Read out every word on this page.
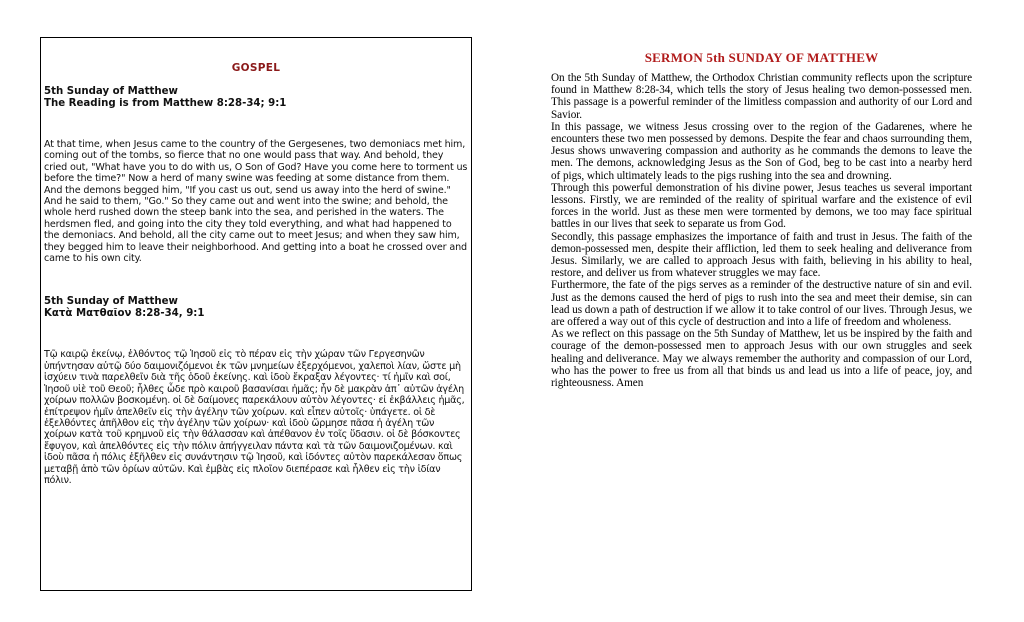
GOSPEL

5th Sunday of Matthew

The Reading is from Matthew 8:28-34; 9:1

At that time, when Jesus came to the country of the Gergesenes, two demoniacs met him, coming out of the tombs, so fierce that no one would pass that way. And behold, they cried out, "What have you to do with us, O Son of God? Have you come here to torment us before the time?" Now a herd of many swine was feeding at some distance from them. And the demons begged him, "If you cast us out, send us away into the herd of swine." And he said to them, "Go." So they came out and went into the swine; and behold, the whole herd rushed down the steep bank into the sea, and perished in the waters. The herdsmen fled, and going into the city they told everything, and what had happened to the demoniacs. And behold, all the city came out to meet Jesus; and when they saw him, they begged him to leave their neighborhood. And getting into a boat he crossed over and came to his own city.

5th Sunday of Matthew

Κατὰ Ματθαῖον 8:28-34, 9:1

Τῷ καιρῷ ἐκείνῳ, ἐλθόντος τῷ Ἰησοῦ εἰς τὸ πέραν εἰς τὴν χώραν τῶν Γεργεσηνῶν ὑπήντησαν αὐτῷ δύο δαιμονιζόμενοι ἐκ τῶν μνημείων ἐξερχόμενοι, χαλεποὶ λίαν, ὥστε μὴ ἰσχύειν τινὰ παρελθεῖν διὰ τῆς ὁδοῦ ἐκείνης. καὶ ἰδοὺ ἔκραξαν λέγοντες· τί ἡμῖν καὶ σοί, Ἰησοῦ υἱὲ τοῦ Θεοῦ; ἦλθες ὧδε πρὸ καιροῦ βασανίσαι ἡμᾶς; ἦν δὲ μακρὰν ἀπ᾿ αὐτῶν ἀγέλη χοίρων πολλῶν βοσκομένη. οἱ δὲ δαίμονες παρεκάλουν αὐτὸν λέγοντες· εἰ ἐκβάλλεις ἡμᾶς, ἐπίτρεψον ἡμῖν ἀπελθεῖν εἰς τὴν ἀγέλην τῶν χοίρων. καὶ εἶπεν αὐτοῖς· ὑπάγετε. οἱ δὲ ἐξελθόντες ἀπῆλθον εἰς τὴν ἀγέλην τῶν χοίρων· καὶ ἰδοὺ ὥρμησε πᾶσα ἡ ἀγέλη τῶν χοίρων κατὰ τοῦ κρημνοῦ εἰς τὴν θάλασσαν καὶ ἀπέθανον ἐν τοῖς ὕδασιν. οἱ δὲ βόσκοντες ἔφυγον, καὶ ἀπελθόντες εἰς τὴν πόλιν ἀπήγγειλαν πάντα καὶ τὰ τῶν δαιμονιζομένων. καὶ ἰδοὺ πᾶσα ἡ πόλις ἐξῆλθεν εἰς συνάντησιν τῷ Ἰησοῦ, καὶ ἰδόντες αὐτὸν παρεκάλεσαν ὅπως μεταβῇ ἀπὸ τῶν ὁρίων αὐτῶν. Καὶ ἐμβὰς εἰς πλοῖον διεπέρασε καὶ ἦλθεν εἰς τὴν ἰδίαν πόλιν.

SERMON 5th SUNDAY OF MATTHEW

On the 5th Sunday of Matthew, the Orthodox Christian community reflects upon the scripture found in Matthew 8:28-34, which tells the story of Jesus healing two demon-possessed men. This passage is a powerful reminder of the limitless compassion and authority of our Lord and Savior.

In this passage, we witness Jesus crossing over to the region of the Gadarenes, where he encounters these two men possessed by demons. Despite the fear and chaos surrounding them, Jesus shows unwavering compassion and authority as he commands the demons to leave the men. The demons, acknowledging Jesus as the Son of God, beg to be cast into a nearby herd of pigs, which ultimately leads to the pigs rushing into the sea and drowning.

Through this powerful demonstration of his divine power, Jesus teaches us several important lessons. Firstly, we are reminded of the reality of spiritual warfare and the existence of evil forces in the world. Just as these men were tormented by demons, we too may face spiritual battles in our lives that seek to separate us from God.

Secondly, this passage emphasizes the importance of faith and trust in Jesus. The faith of the demon-possessed men, despite their affliction, led them to seek healing and deliverance from Jesus. Similarly, we are called to approach Jesus with faith, believing in his ability to heal, restore, and deliver us from whatever struggles we may face.

Furthermore, the fate of the pigs serves as a reminder of the destructive nature of sin and evil. Just as the demons caused the herd of pigs to rush into the sea and meet their demise, sin can lead us down a path of destruction if we allow it to take control of our lives. Through Jesus, we are offered a way out of this cycle of destruction and into a life of freedom and wholeness.

As we reflect on this passage on the 5th Sunday of Matthew, let us be inspired by the faith and courage of the demon-possessed men to approach Jesus with our own struggles and seek healing and deliverance. May we always remember the authority and compassion of our Lord, who has the power to free us from all that binds us and lead us into a life of peace, joy, and righteousness. Amen
